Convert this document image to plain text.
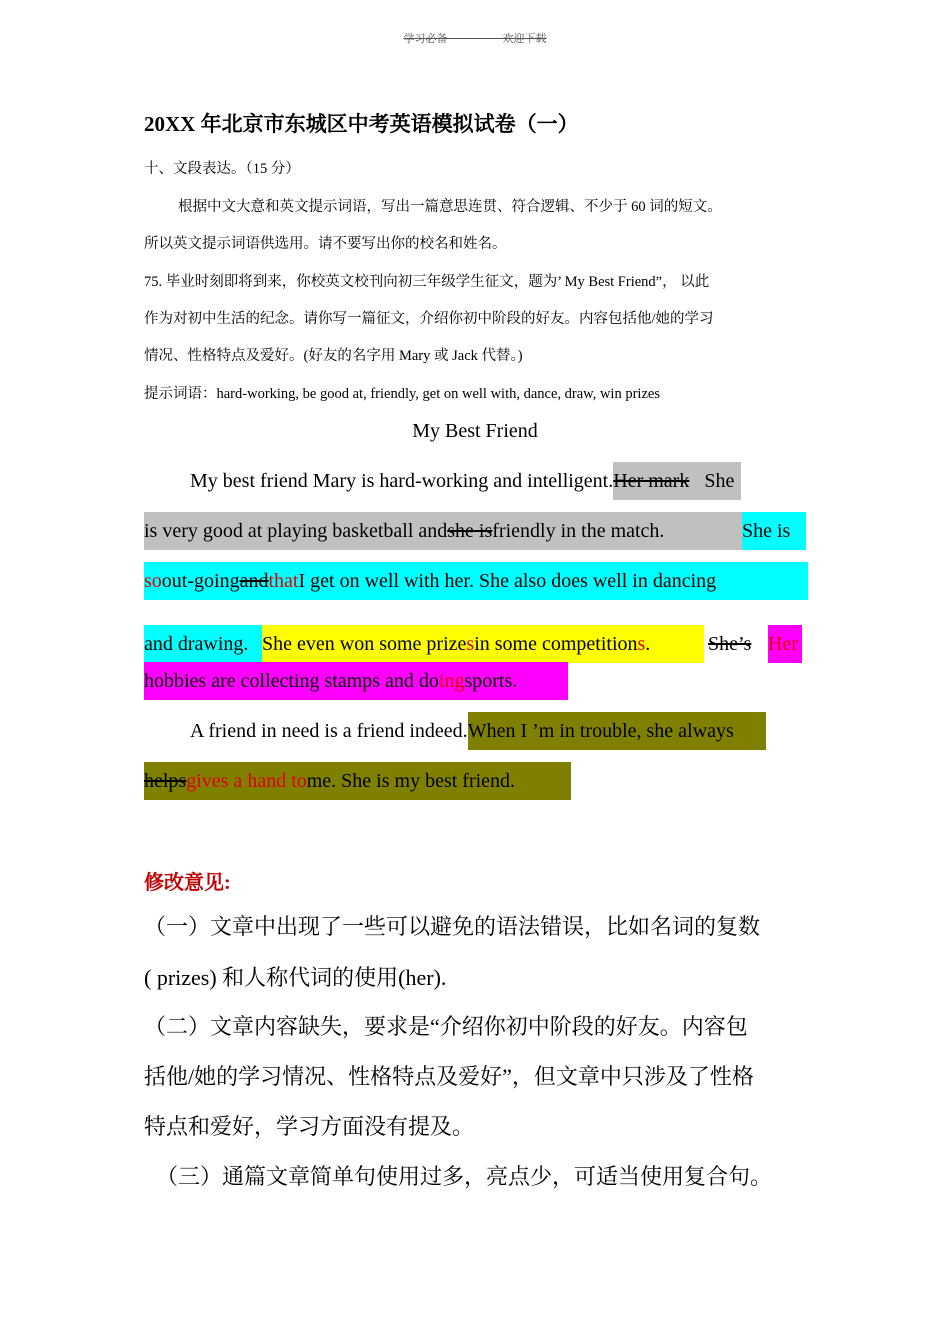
学习必备－－－－－欢迎下载
20XX 年北京市东城区中考英语模拟试卷（一）
十、文段表达。（15 分）
根据中文大意和英文提示词语，写出一篇意思连贯、符合逻辑、不少于 60 词的短文。
所以英文提示词语供选用。请不要写出你的校名和姓名。
75. 毕业时刻即将到来，你校英文校刊向初三年级学生征文，题为’ My Best Friend”， 以此
作为对初中生活的纪念。请你写一篇征文，介绍你初中阶段的好友。内容包括他/她的学习
情况、性格特点及爱好。(好友的名字用 Mary 或 Jack 代替。)
提示词语：hard-working, be good at, friendly, get on well with, dance, draw, win prizes
My Best Friend
My best friend Mary is hard-working and intelligent.Her mark She
is very good at playing basketball andshe isfriendly in the match.	She is
soout-goingandthatI get on well with her. She also does well in dancing
and drawing.She even won some prizesin some competitions.	She’s Her
hobbies are collecting stamps and doingsports.
A friend in need is a friend indeed.When I ’m in trouble, she always
helpsgives a hand tome. She is my best friend.
修改意见:
（一）文章中出现了一些可以避免的语法错误，比如名词的复数
( prizes) 和人称代词的使用(her).
（二）文章内容缺失，要求是“介绍你初中阶段的好友。内容包
括他/她的学习情况、性格特点及爱好”，但文章中只涉及了性格
特点和爱好，学习方面没有提及。
（三）通篇文章简单句使用过多，亮点少，可适当使用复合句。
